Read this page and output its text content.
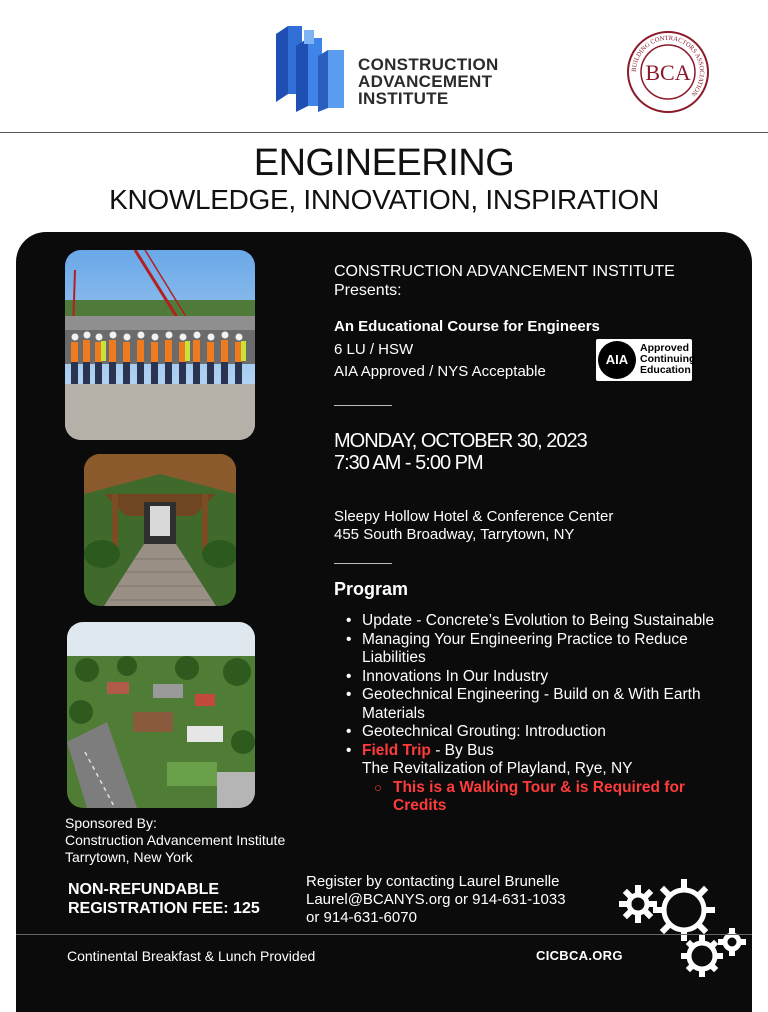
CONSTRUCTION
ADVANCEMENT
INSTITUTE
BUILDING CONTRACTORS ASSOCIATION
BCA
ENGINEERING
KNOWLEDGE, INNOVATION, INSPIRATION
CONSTRUCTION ADVANCEMENT INSTITUTE
Presents:
An Educational Course for Engineers
6 LU / HSW
AIA Approved / NYS Acceptable
AIA
Approved
Continuing
Education
MONDAY, OCTOBER 30, 2023
7:30 AM - 5:00 PM
Sleepy Hollow Hotel & Conference Center
455 South Broadway, Tarrytown, NY
Program
• Update - Concrete’s Evolution to Being Sustainable
• Managing Your Engineering Practice to Reduce Liabilities
• Innovations In Our Industry
• Geotechnical Engineering - Build on & With Earth Materials
• Geotechnical Grouting: Introduction
• Field Trip - By Bus
The Revitalization of Playland, Rye, NY
○ This is a Walking Tour & is Required for Credits
Sponsored By:
Construction Advancement Institute
Tarrytown, New York
NON-REFUNDABLE
REGISTRATION FEE: 125
Register by contacting Laurel Brunelle
Laurel@BCANYS.org or 914-631-1033
or 914-631-6070
Continental Breakfast & Lunch Provided	CICBCA.ORG
